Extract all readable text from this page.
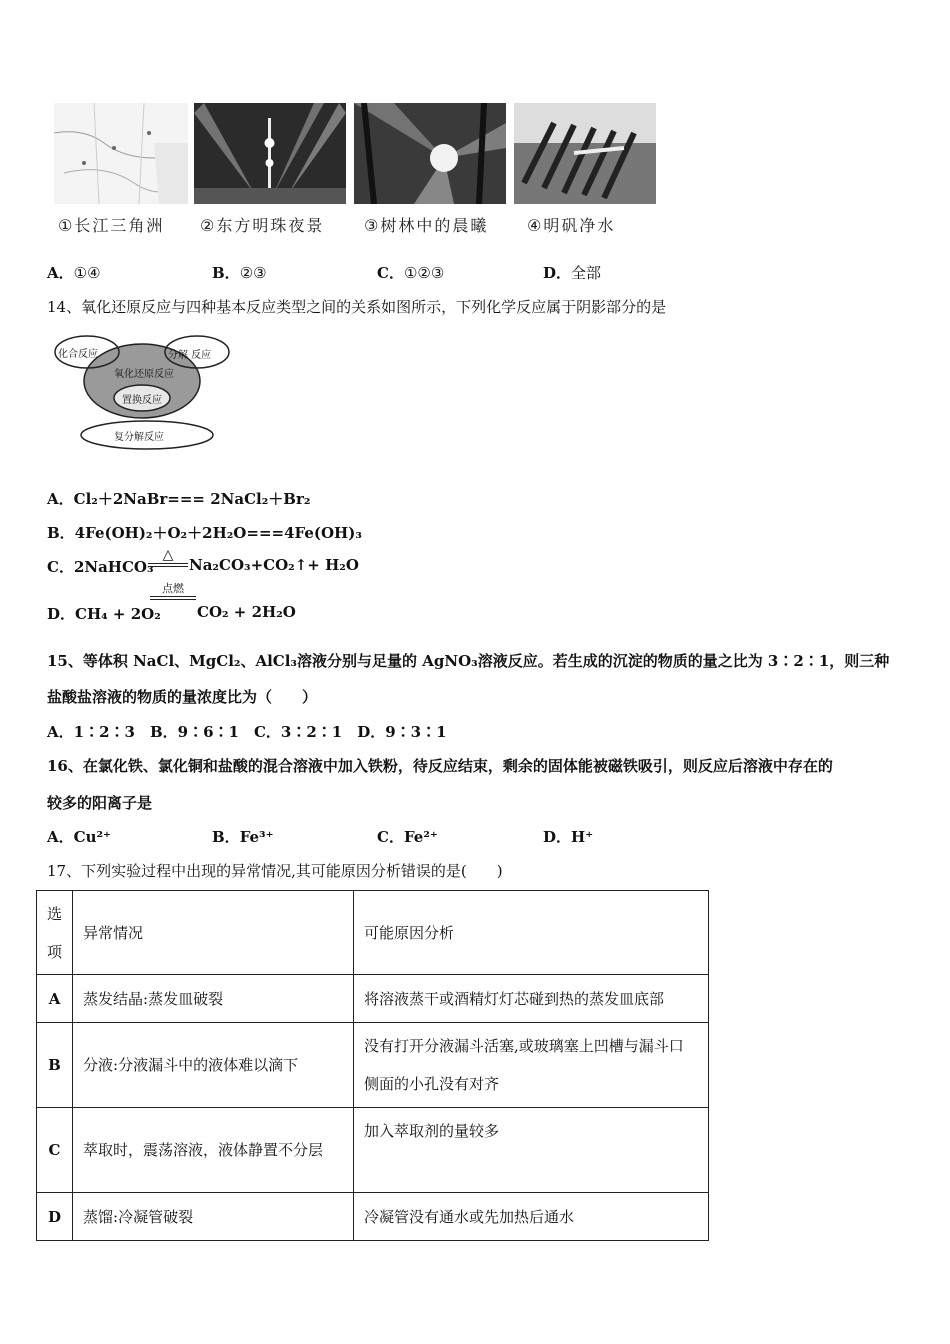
①长江三角洲 ②东方明珠夜景 ③树林中的晨曦 ④明矾净水
A．①④	B．②③	C．①②③	D．全部
14、氧化还原反应与四种基本反应类型之间的关系如图所示，下列化学反应属于阴影部分的是
化合反应	分解 反应
氧化还原反应
置换反应
复分解反应
A．Cl₂＋2NaBr=== 2NaCl₂＋Br₂
B．4Fe(OH)₂＋O₂＋2H₂O===4Fe(OH)₃
C．2NaHCO₃
△
Na₂CO₃+CO₂↑+ H₂O
D．CH₄ + 2O₂
点燃
CO₂ + 2H₂O
15、等体积 NaCl、MgCl₂、AlCl₃溶液分别与足量的 AgNO₃溶液反应。若生成的沉淀的物质的量之比为 3∶2∶1，则三种
盐酸盐溶液的物质的量浓度比为（　　）
A．1∶2∶3　B．9∶6∶1　C．3∶2∶1　D．9∶3∶1
16、在氯化铁、氯化铜和盐酸的混合溶液中加入铁粉，待反应结束，剩余的固体能被磁铁吸引，则反应后溶液中存在的
较多的阳离子是
A．Cu²⁺	B．Fe³⁺	C．Fe²⁺	D．H⁺
17、下列实验过程中出现的异常情况,其可能原因分析错误的是(　　)
选项	异常情况	可能原因分析
A	蒸发结晶:蒸发皿破裂	将溶液蒸干或酒精灯灯芯碰到热的蒸发皿底部
B	分液:分液漏斗中的液体难以滴下	没有打开分液漏斗活塞,或玻璃塞上凹槽与漏斗口侧面的小孔没有对齐
C	萃取时，震荡溶液，液体静置不分层	加入萃取剂的量较多
D	蒸馏:冷凝管破裂	冷凝管没有通水或先加热后通水
